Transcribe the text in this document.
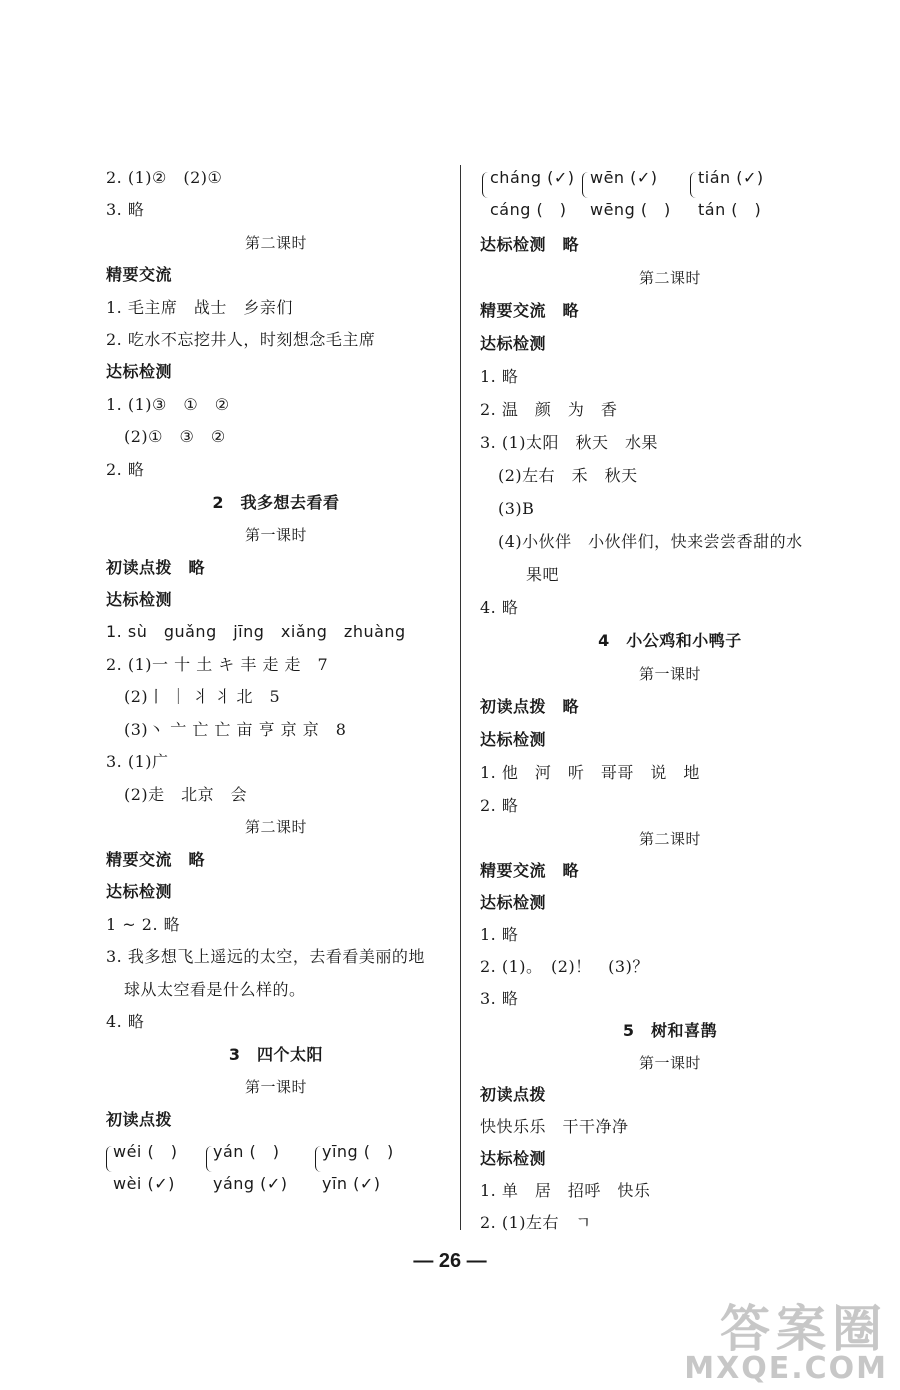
2. (1)②　(2)①
3. 略
第二课时
精要交流
1. 毛主席　战士　乡亲们
2. 吃水不忘挖井人，时刻想念毛主席
达标检测
1. (1)③　①　②
(2)①　③　②
2. 略
2　我多想去看看
第一课时
初读点拨　略
达标检测
1. sù　guǎng　jīng　xiǎng　zhuàng
2. (1)一 十 土 キ 丰 走 走　7
(2)丨 ｜ 丬 丬 北　5
(3)丶 亠 亡 亡 亩 亨 京 京　8
3. (1)广
(2)走　北京　会
第二课时
精要交流　略
达标检测
1 ~ 2. 略
3. 我多想飞上遥远的太空，去看看美丽的地
球从太空看是什么样的。
4. 略
3　四个太阳
第一课时
初读点拨
wéi (　)
wèi (✓)
yán (　)
yáng (✓)
yīng (　)
yīn (✓)
cháng (✓)
cáng (　)
wēn (✓)
wēng (　)
tián (✓)
tán (　)
达标检测　略
第二课时
精要交流　略
达标检测
1. 略
2. 温　颜　为　香
3. (1)太阳　秋天　水果
(2)左右　禾　秋天
(3)B
(4)小伙伴　小伙伴们，快来尝尝香甜的水
果吧
4. 略
4　小公鸡和小鸭子
第一课时
初读点拨　略
达标检测
1. 他　河　听　哥哥　说　地
2. 略
第二课时
精要交流　略
达标检测
1. 略
2. (1)。　(2)！　(3)？
3. 略
5　树和喜鹊
第一课时
初读点拨
快快乐乐　干干净净
达标检测
1. 单　居　招呼　快乐
2. (1)左右　ㄱ
— 26 —
答案圈
MXQE.COM
